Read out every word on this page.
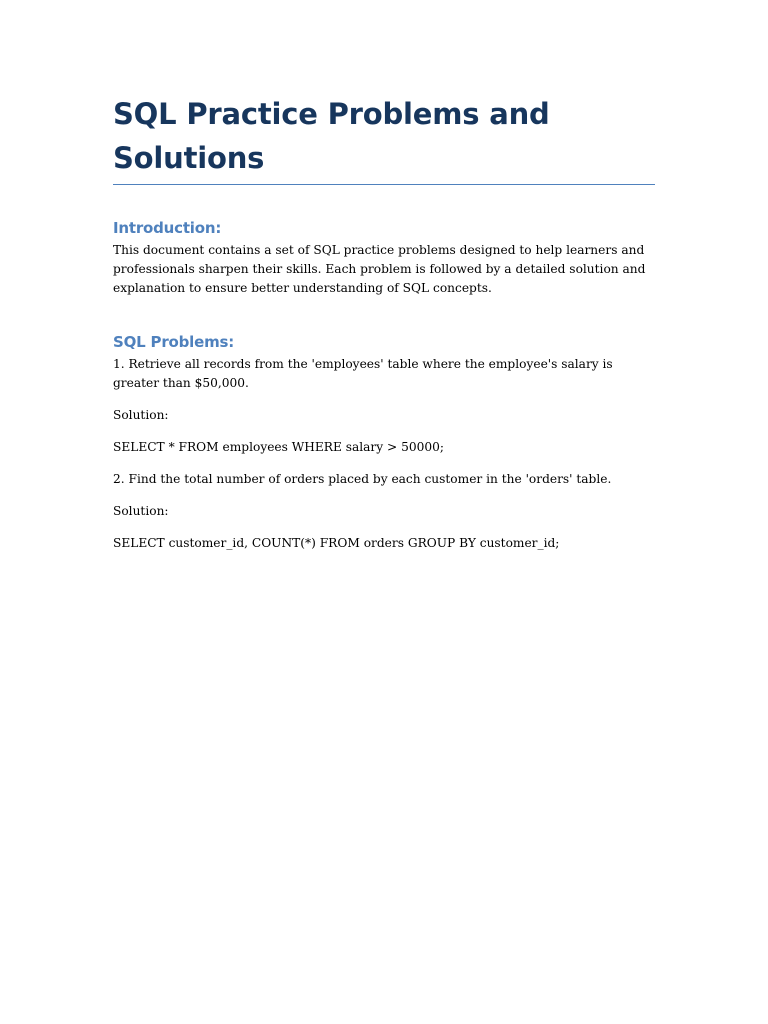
SQL Practice Problems and Solutions
Introduction:

This document contains a set of SQL practice problems designed to help learners and professionals sharpen their skills. Each problem is followed by a detailed solution and explanation to ensure better understanding of SQL concepts.

SQL Problems:

1. Retrieve all records from the 'employees' table where the employee's salary is greater than $50,000.

Solution:

SELECT * FROM employees WHERE salary > 50000;

2. Find the total number of orders placed by each customer in the 'orders' table.

Solution:

SELECT customer_id, COUNT(*) FROM orders GROUP BY customer_id;
